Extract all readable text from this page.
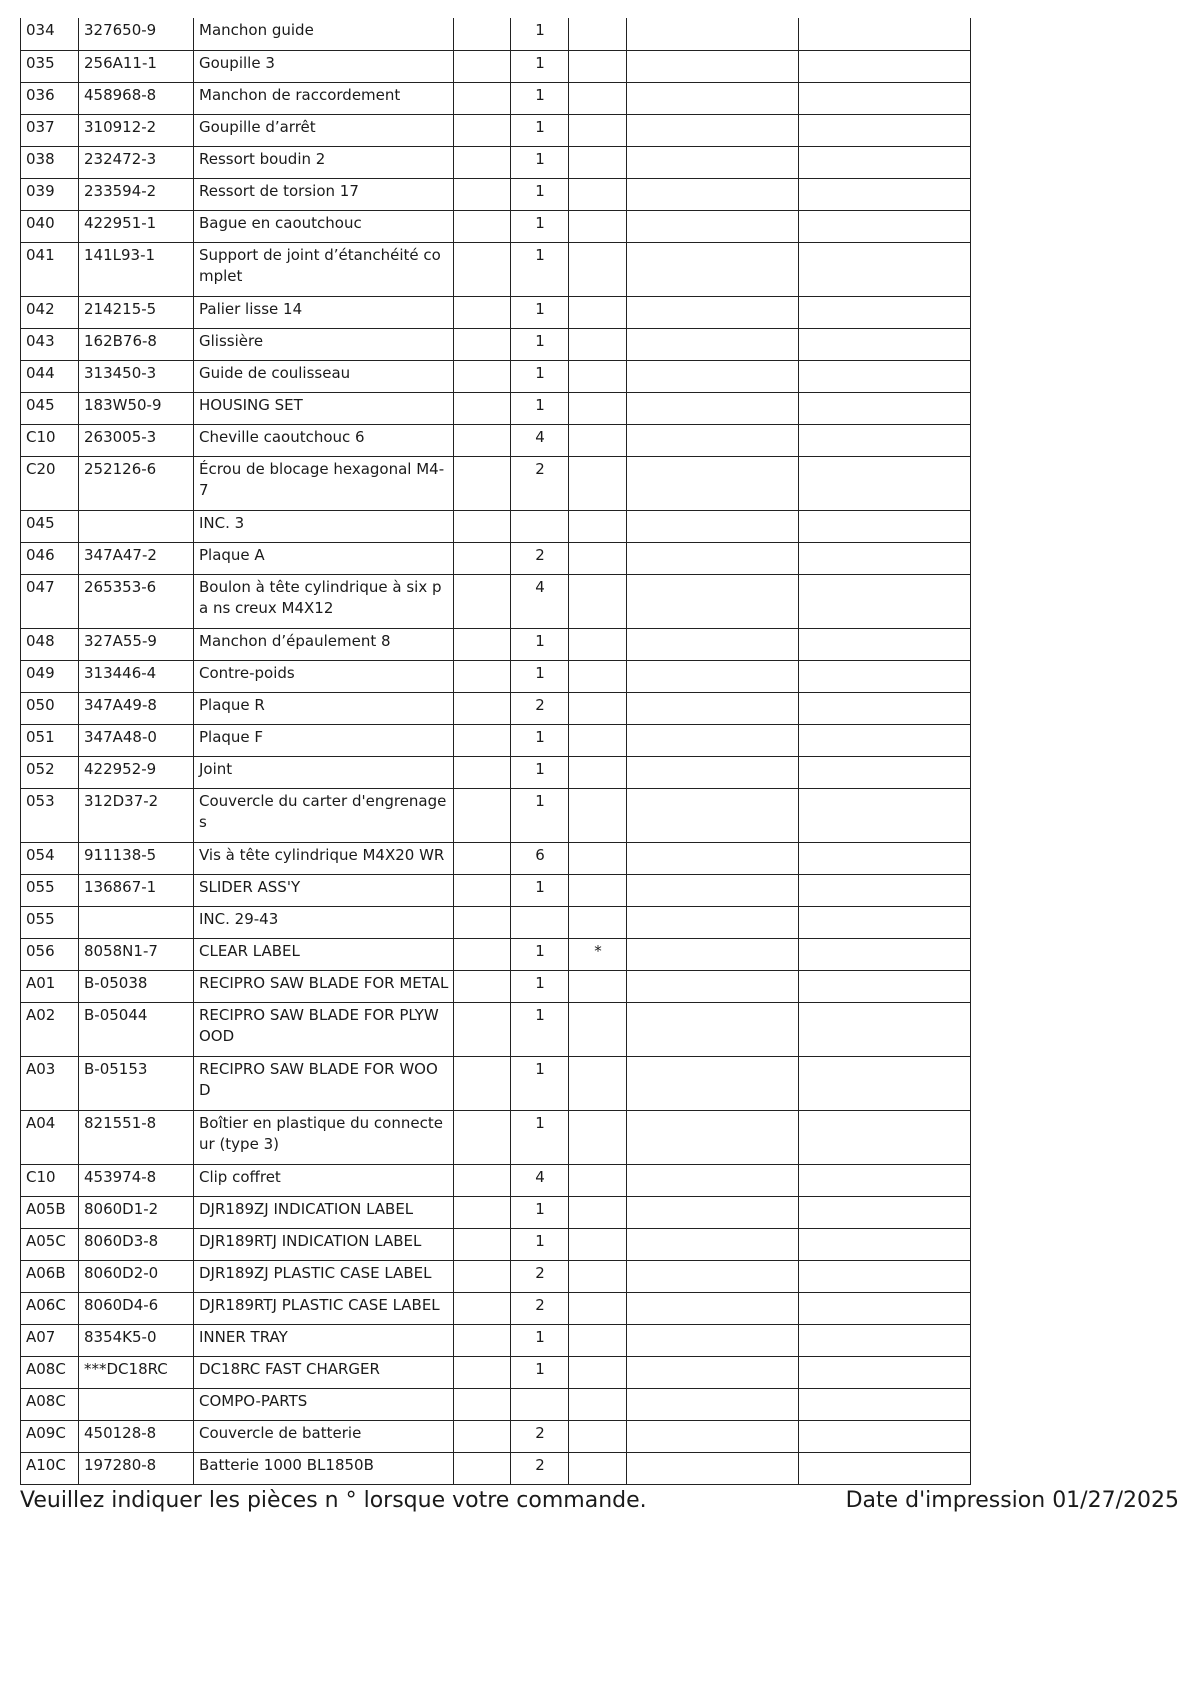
034	327650-9	Manchon guide		1			
035	256A11-1	Goupille 3		1			
036	458968-8	Manchon de raccordement		1			
037	310912-2	Goupille d’arrêt		1			
038	232472-3	Ressort boudin 2		1			
039	233594-2	Ressort de torsion 17		1			
040	422951-1	Bague en caoutchouc		1			
041	141L93-1	Support de joint d’étanchéité co mplet		1			
042	214215-5	Palier lisse 14		1			
043	162B76-8	Glissière		1			
044	313450-3	Guide de coulisseau		1			
045	183W50-9	HOUSING SET		1			
C10	263005-3	Cheville caoutchouc 6		4			
C20	252126-6	Écrou de blocage hexagonal M4- 7		2			
045		INC. 3					
046	347A47-2	Plaque A		2			
047	265353-6	Boulon à tête cylindrique à six pa ns creux M4X12		4			
048	327A55-9	Manchon d’épaulement 8		1			
049	313446-4	Contre-poids		1			
050	347A49-8	Plaque R		2			
051	347A48-0	Plaque F		1			
052	422952-9	Joint		1			
053	312D37-2	Couvercle du carter d'engrenage s		1			
054	911138-5	Vis à tête cylindrique M4X20 WR		6			
055	136867-1	SLIDER ASS'Y		1			
055		INC. 29-43					
056	8058N1-7	CLEAR LABEL		1	*		
A01	B-05038	RECIPRO SAW BLADE FOR METAL		1			
A02	B-05044	RECIPRO SAW BLADE FOR PLYW OOD		1			
A03	B-05153	RECIPRO SAW BLADE FOR WOO D		1			
A04	821551-8	Boîtier en plastique du connecte ur (type 3)		1			
C10	453974-8	Clip coffret		4			
A05B	8060D1-2	DJR189ZJ INDICATION LABEL		1			
A05C	8060D3-8	DJR189RTJ INDICATION LABEL		1			
A06B	8060D2-0	DJR189ZJ PLASTIC CASE LABEL		2			
A06C	8060D4-6	DJR189RTJ PLASTIC CASE LABEL		2			
A07	8354K5-0	INNER TRAY		1			
A08C	***DC18RC	DC18RC FAST CHARGER		1			
A08C		COMPO-PARTS					
A09C	450128-8	Couvercle de batterie		2			
A10C	197280-8	Batterie 1000 BL1850B		2			
Veuillez indiquer les pièces n ° lorsque votre commande.	Date d'impression 01/27/2025
